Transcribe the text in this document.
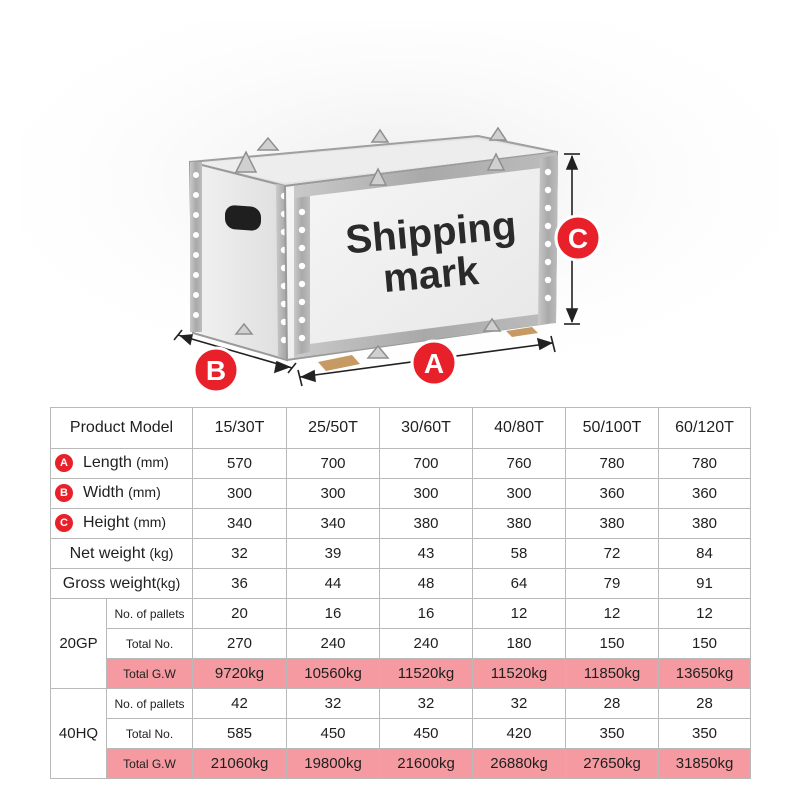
Shipping
mark
C
A
B
Product Model		15/30T	25/50T	30/60T	40/80T	50/100T	60/120T
A Length (mm)		570	700	700	760	780	780
B Width (mm)		300	300	300	300	360	360
C Height (mm)		340	340	380	380	380	380
Net weight (kg)		32	39	43	58	72	84
Gross weight(kg)		36	44	48	64	79	91
20GP	No. of pallets	20	16	16	12	12	12
	Total No.	270	240	240	180	150	150
	Total G.W	9720kg	10560kg	11520kg	11520kg	11850kg	13650kg
40HQ	No. of pallets	42	32	32	32	28	28
	Total No.	585	450	450	420	350	350
	Total G.W	21060kg	19800kg	21600kg	26880kg	27650kg	31850kg
